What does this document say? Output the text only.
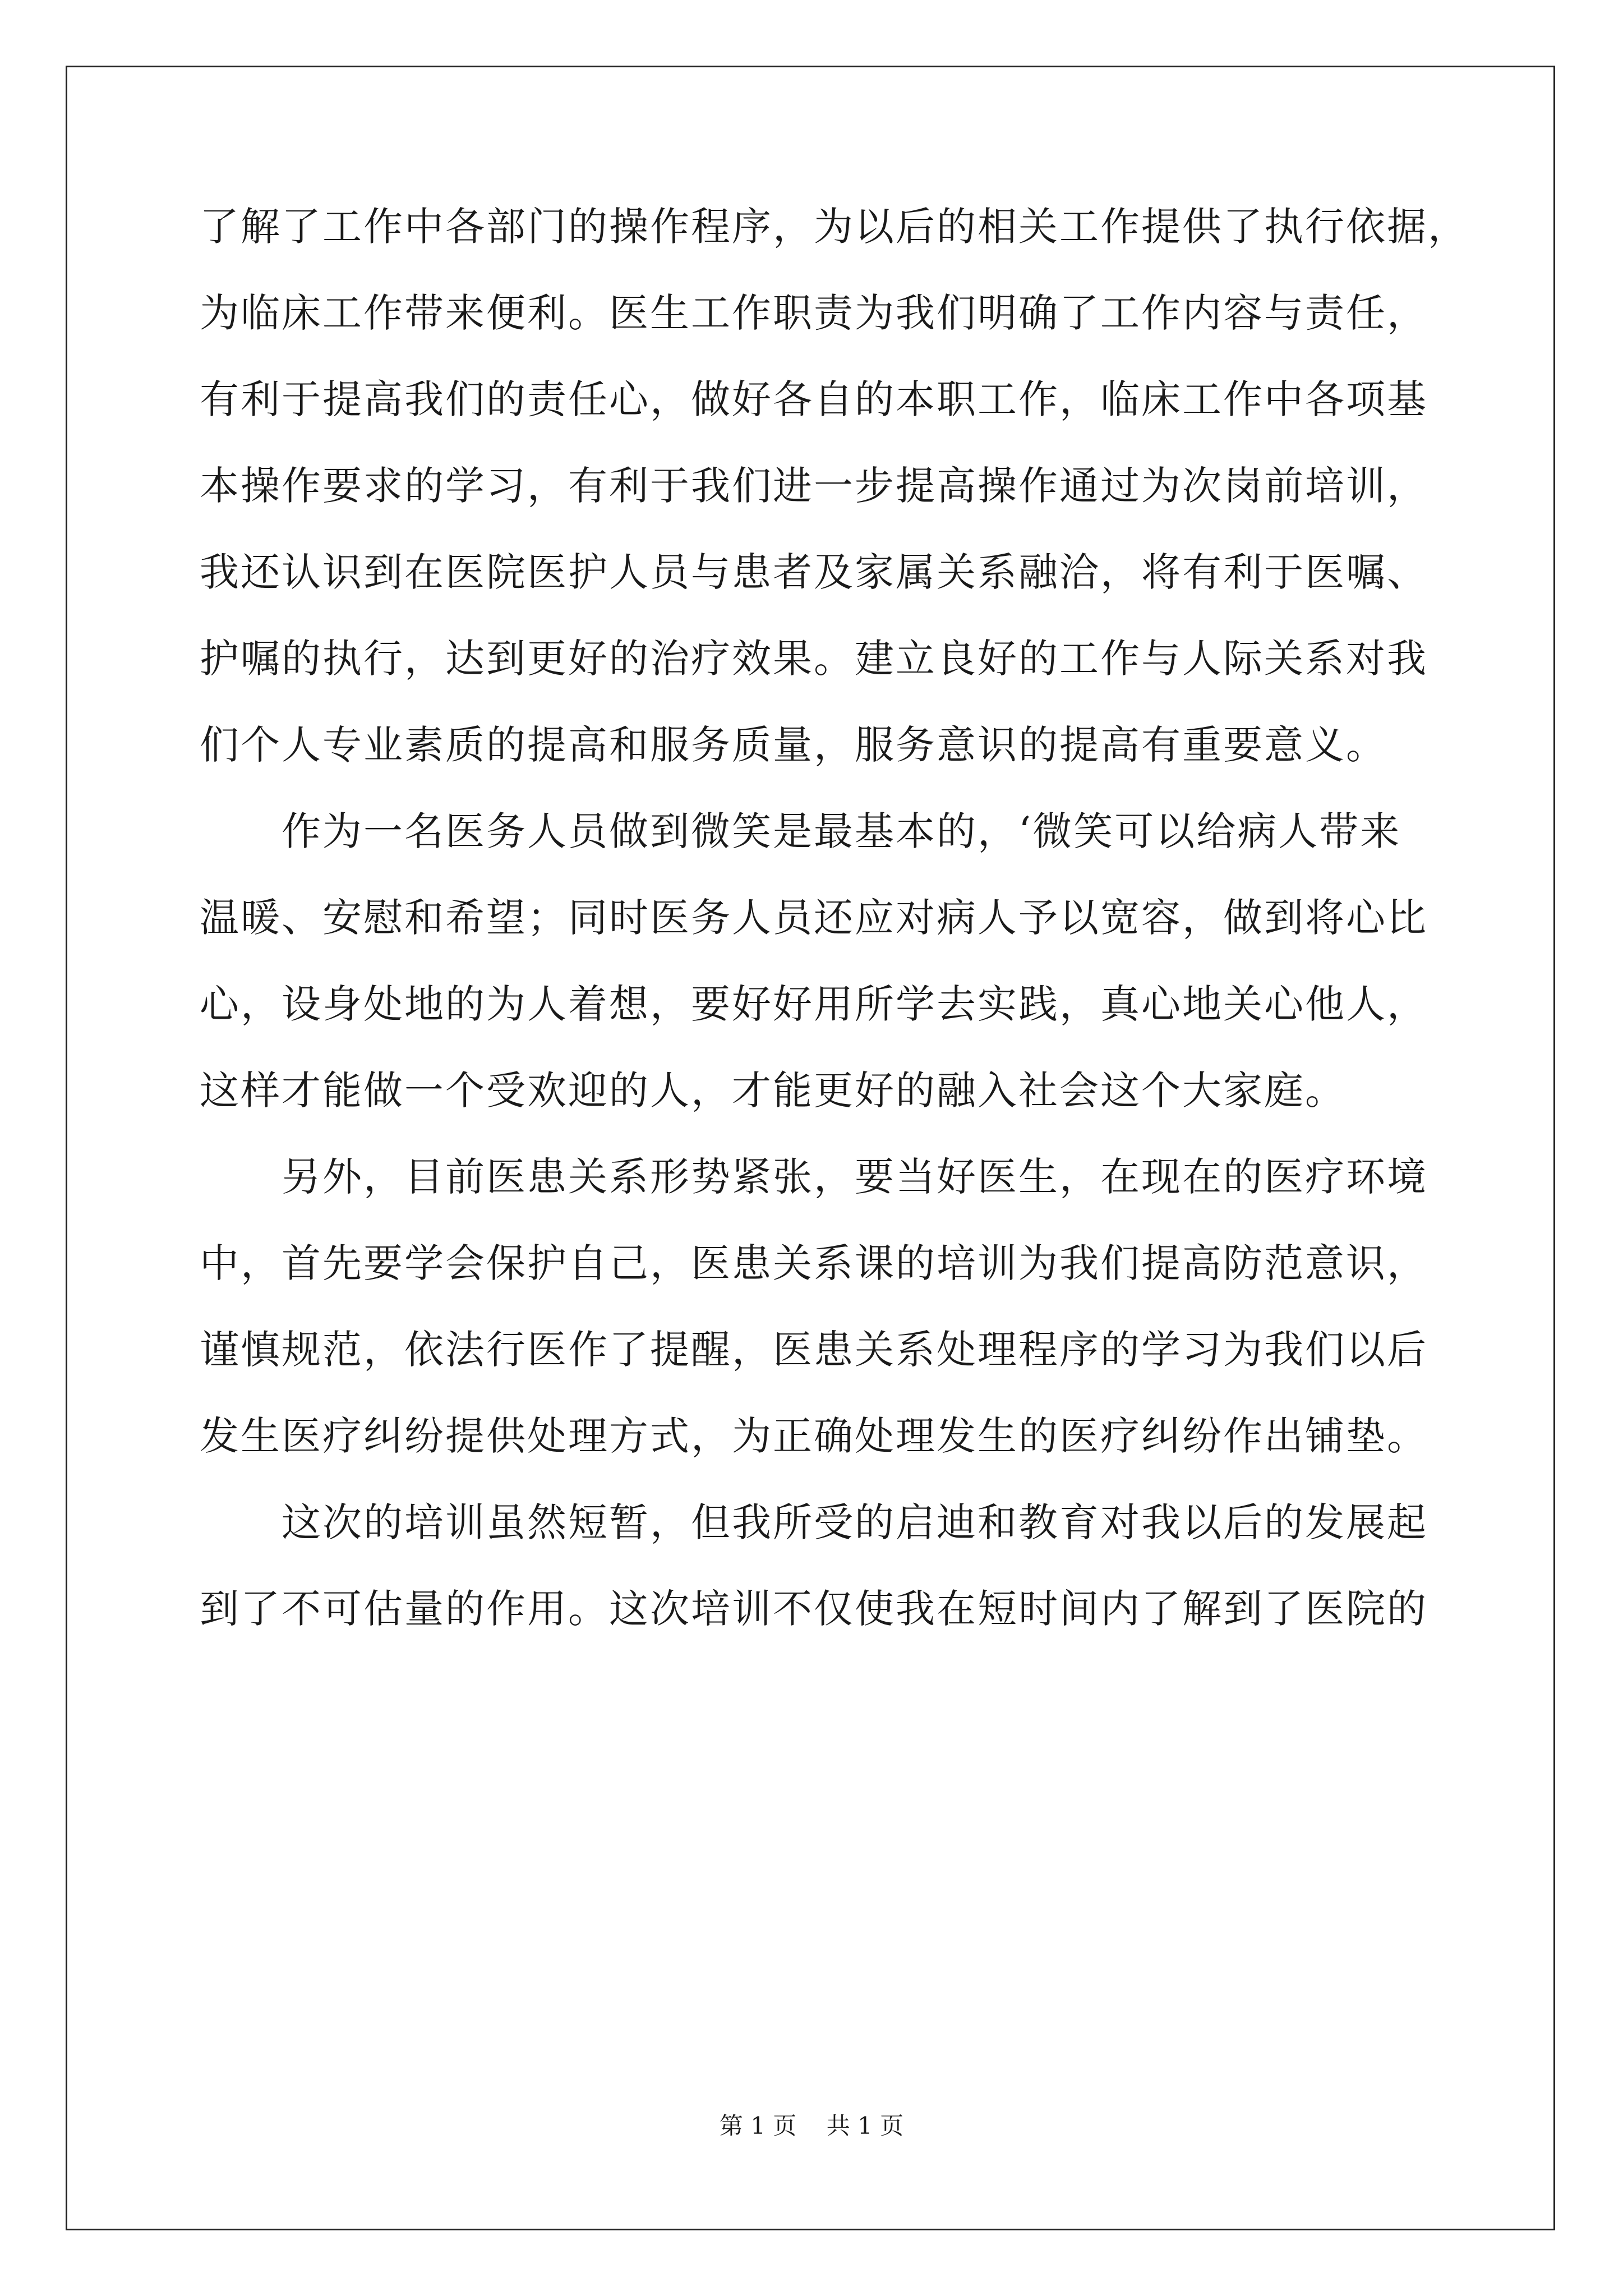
了解了工作中各部门的操作程序，为以后的相关工作提供了执行依据，
为临床工作带来便利。医生工作职责为我们明确了工作内容与责任，
有利于提高我们的责任心，做好各自的本职工作，临床工作中各项基
本操作要求的学习，有利于我们进一步提高操作通过为次岗前培训，
我还认识到在医院医护人员与患者及家属关系融洽，将有利于医嘱、
护嘱的执行，达到更好的治疗效果。建立良好的工作与人际关系对我
们个人专业素质的提高和服务质量，服务意识的提高有重要意义。
　　作为一名医务人员做到微笑是最基本的，‘微笑可以给病人带来
温暖、安慰和希望；同时医务人员还应对病人予以宽容，做到将心比
心，设身处地的为人着想，要好好用所学去实践，真心地关心他人，
这样才能做一个受欢迎的人，才能更好的融入社会这个大家庭。
　　另外，目前医患关系形势紧张，要当好医生，在现在的医疗环境
中，首先要学会保护自己，医患关系课的培训为我们提高防范意识，
谨慎规范，依法行医作了提醒，医患关系处理程序的学习为我们以后
发生医疗纠纷提供处理方式，为正确处理发生的医疗纠纷作出铺垫。
　　这次的培训虽然短暂，但我所受的启迪和教育对我以后的发展起
到了不可估量的作用。这次培训不仅使我在短时间内了解到了医院的
第 1 页    共 1 页
